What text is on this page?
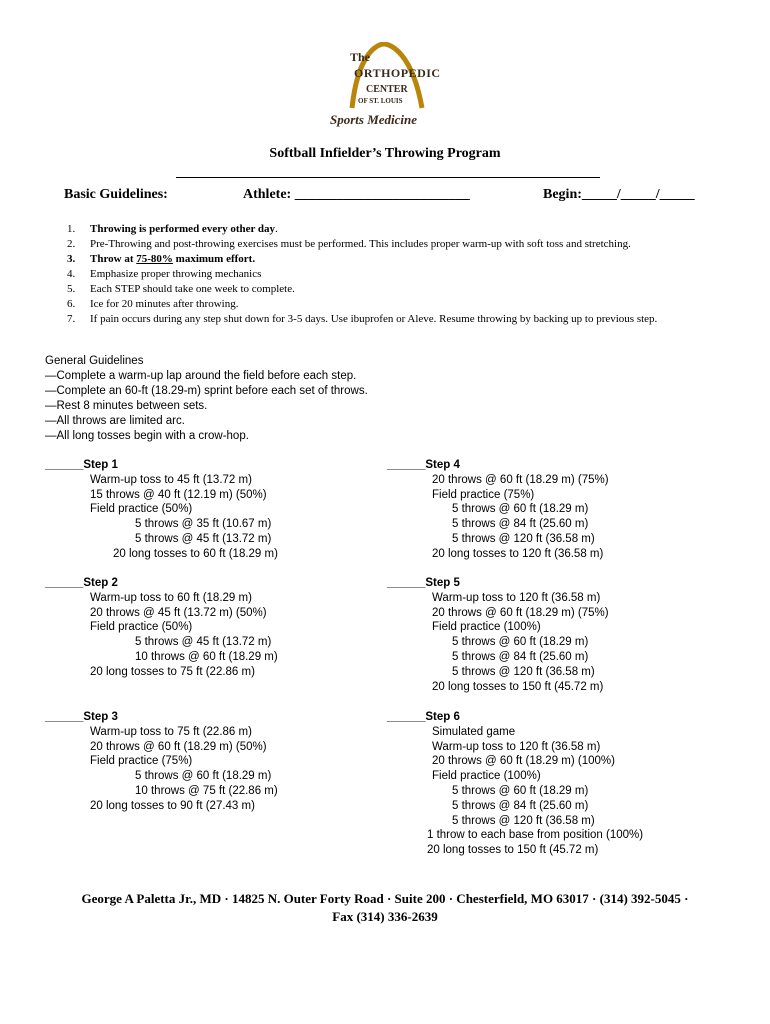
The
ORTHOPEDIC
CENTER
OF ST. LOUIS
Sports Medicine
Softball Infielder’s Throwing Program
Basic Guidelines:	Athlete: _________________________	Begin:_____/_____/_____
1. Throwing is performed every other day.
2. Pre-Throwing and post-throwing exercises must be performed. This includes proper warm-up with soft toss and stretching.
3. Throw at 75-80% maximum effort.
4. Emphasize proper throwing mechanics
5. Each STEP should take one week to complete.
6. Ice for 20 minutes after throwing.
7. If pain occurs during any step shut down for 3-5 days. Use ibuprofen or Aleve. Resume throwing by backing up to previous step.
General Guidelines
—Complete a warm-up lap around the field before each step.
—Complete an 60-ft (18.29-m) sprint before each set of throws.
—Rest 8 minutes between sets.
—All throws are limited arc.
—All long tosses begin with a crow-hop.
______Step 1
Warm-up toss to 45 ft (13.72 m)
15 throws @ 40 ft (12.19 m) (50%)
Field practice (50%)
5 throws @ 35 ft (10.67 m)
5 throws @ 45 ft (13.72 m)
20 long tosses to 60 ft (18.29 m)
______Step 2
Warm-up toss to 60 ft (18.29 m)
20 throws @ 45 ft (13.72 m) (50%)
Field practice (50%)
5 throws @ 45 ft (13.72 m)
10 throws @ 60 ft (18.29 m)
20 long tosses to 75 ft (22.86 m)
______Step 3
Warm-up toss to 75 ft (22.86 m)
20 throws @ 60 ft (18.29 m) (50%)
Field practice (75%)
5 throws @ 60 ft (18.29 m)
10 throws @ 75 ft (22.86 m)
20 long tosses to 90 ft (27.43 m)
______Step 4
20 throws @ 60 ft (18.29 m) (75%)
Field practice (75%)
5 throws @ 60 ft (18.29 m)
5 throws @ 84 ft (25.60 m)
5 throws @ 120 ft (36.58 m)
20 long tosses to 120 ft (36.58 m)
______Step 5
Warm-up toss to 120 ft (36.58 m)
20 throws @ 60 ft (18.29 m) (75%)
Field practice (100%)
5 throws @ 60 ft (18.29 m)
5 throws @ 84 ft (25.60 m)
5 throws @ 120 ft (36.58 m)
20 long tosses to 150 ft (45.72 m)
______Step 6
Simulated game
Warm-up toss to 120 ft (36.58 m)
20 throws @ 60 ft (18.29 m) (100%)
Field practice (100%)
5 throws @ 60 ft (18.29 m)
5 throws @ 84 ft (25.60 m)
5 throws @ 120 ft (36.58 m)
1 throw to each base from position (100%)
20 long tosses to 150 ft (45.72 m)
George A Paletta Jr., MD · 14825 N. Outer Forty Road · Suite 200 · Chesterfield, MO 63017 · (314) 392-5045 ·
Fax (314) 336-2639
